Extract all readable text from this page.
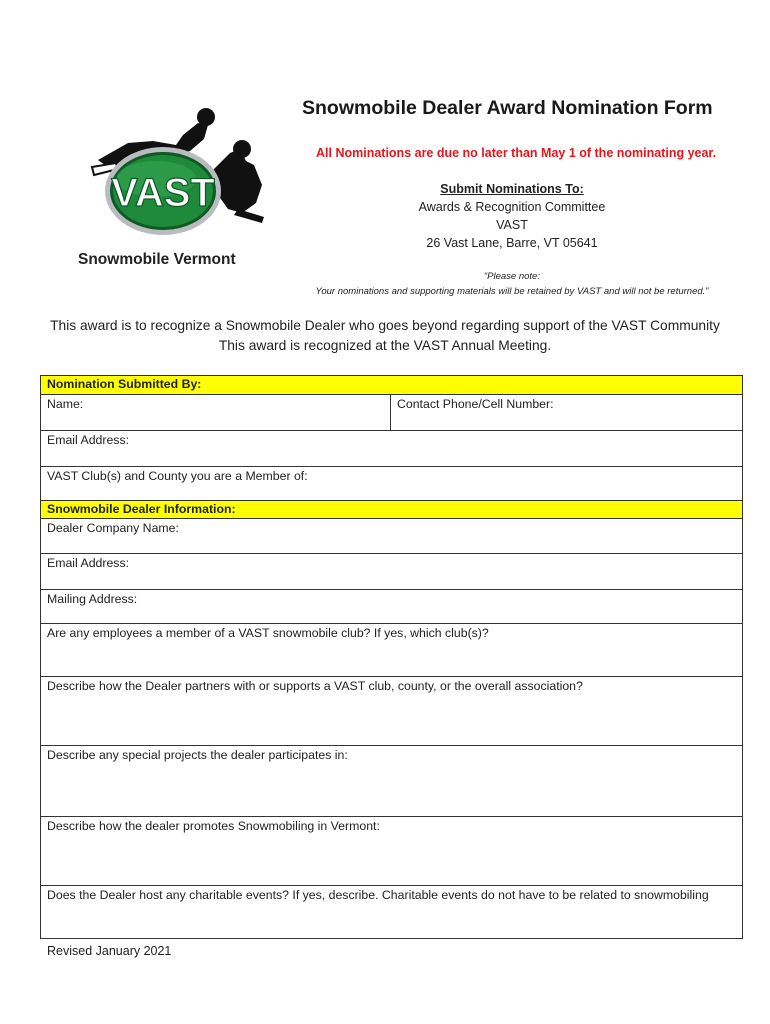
VAST
®
Snowmobile Vermont
Snowmobile Dealer Award Nomination Form
All Nominations are due no later than May 1 of the nominating year.
Submit Nominations To:
Awards & Recognition Committee
VAST
26 Vast Lane, Barre, VT 05641
“Please note:
Your nominations and supporting materials will be retained by VAST and will not be returned.”
This award is to recognize a Snowmobile Dealer who goes beyond regarding support of the VAST Community
This award is recognized at the VAST Annual Meeting.
Nomination Submitted By:
Name:	Contact Phone/Cell Number:
Email Address:
VAST Club(s) and County you are a Member of:
Snowmobile Dealer Information:
Dealer Company Name:
Email Address:
Mailing Address:
Are any employees a member of a VAST snowmobile club? If yes, which club(s)?
Describe how the Dealer partners with or supports a VAST club, county, or the overall association?
Describe any special projects the dealer participates in:
Describe how the dealer promotes Snowmobiling in Vermont:
Does the Dealer host any charitable events? If yes, describe. Charitable events do not have to be related to snowmobiling
Revised January 2021
